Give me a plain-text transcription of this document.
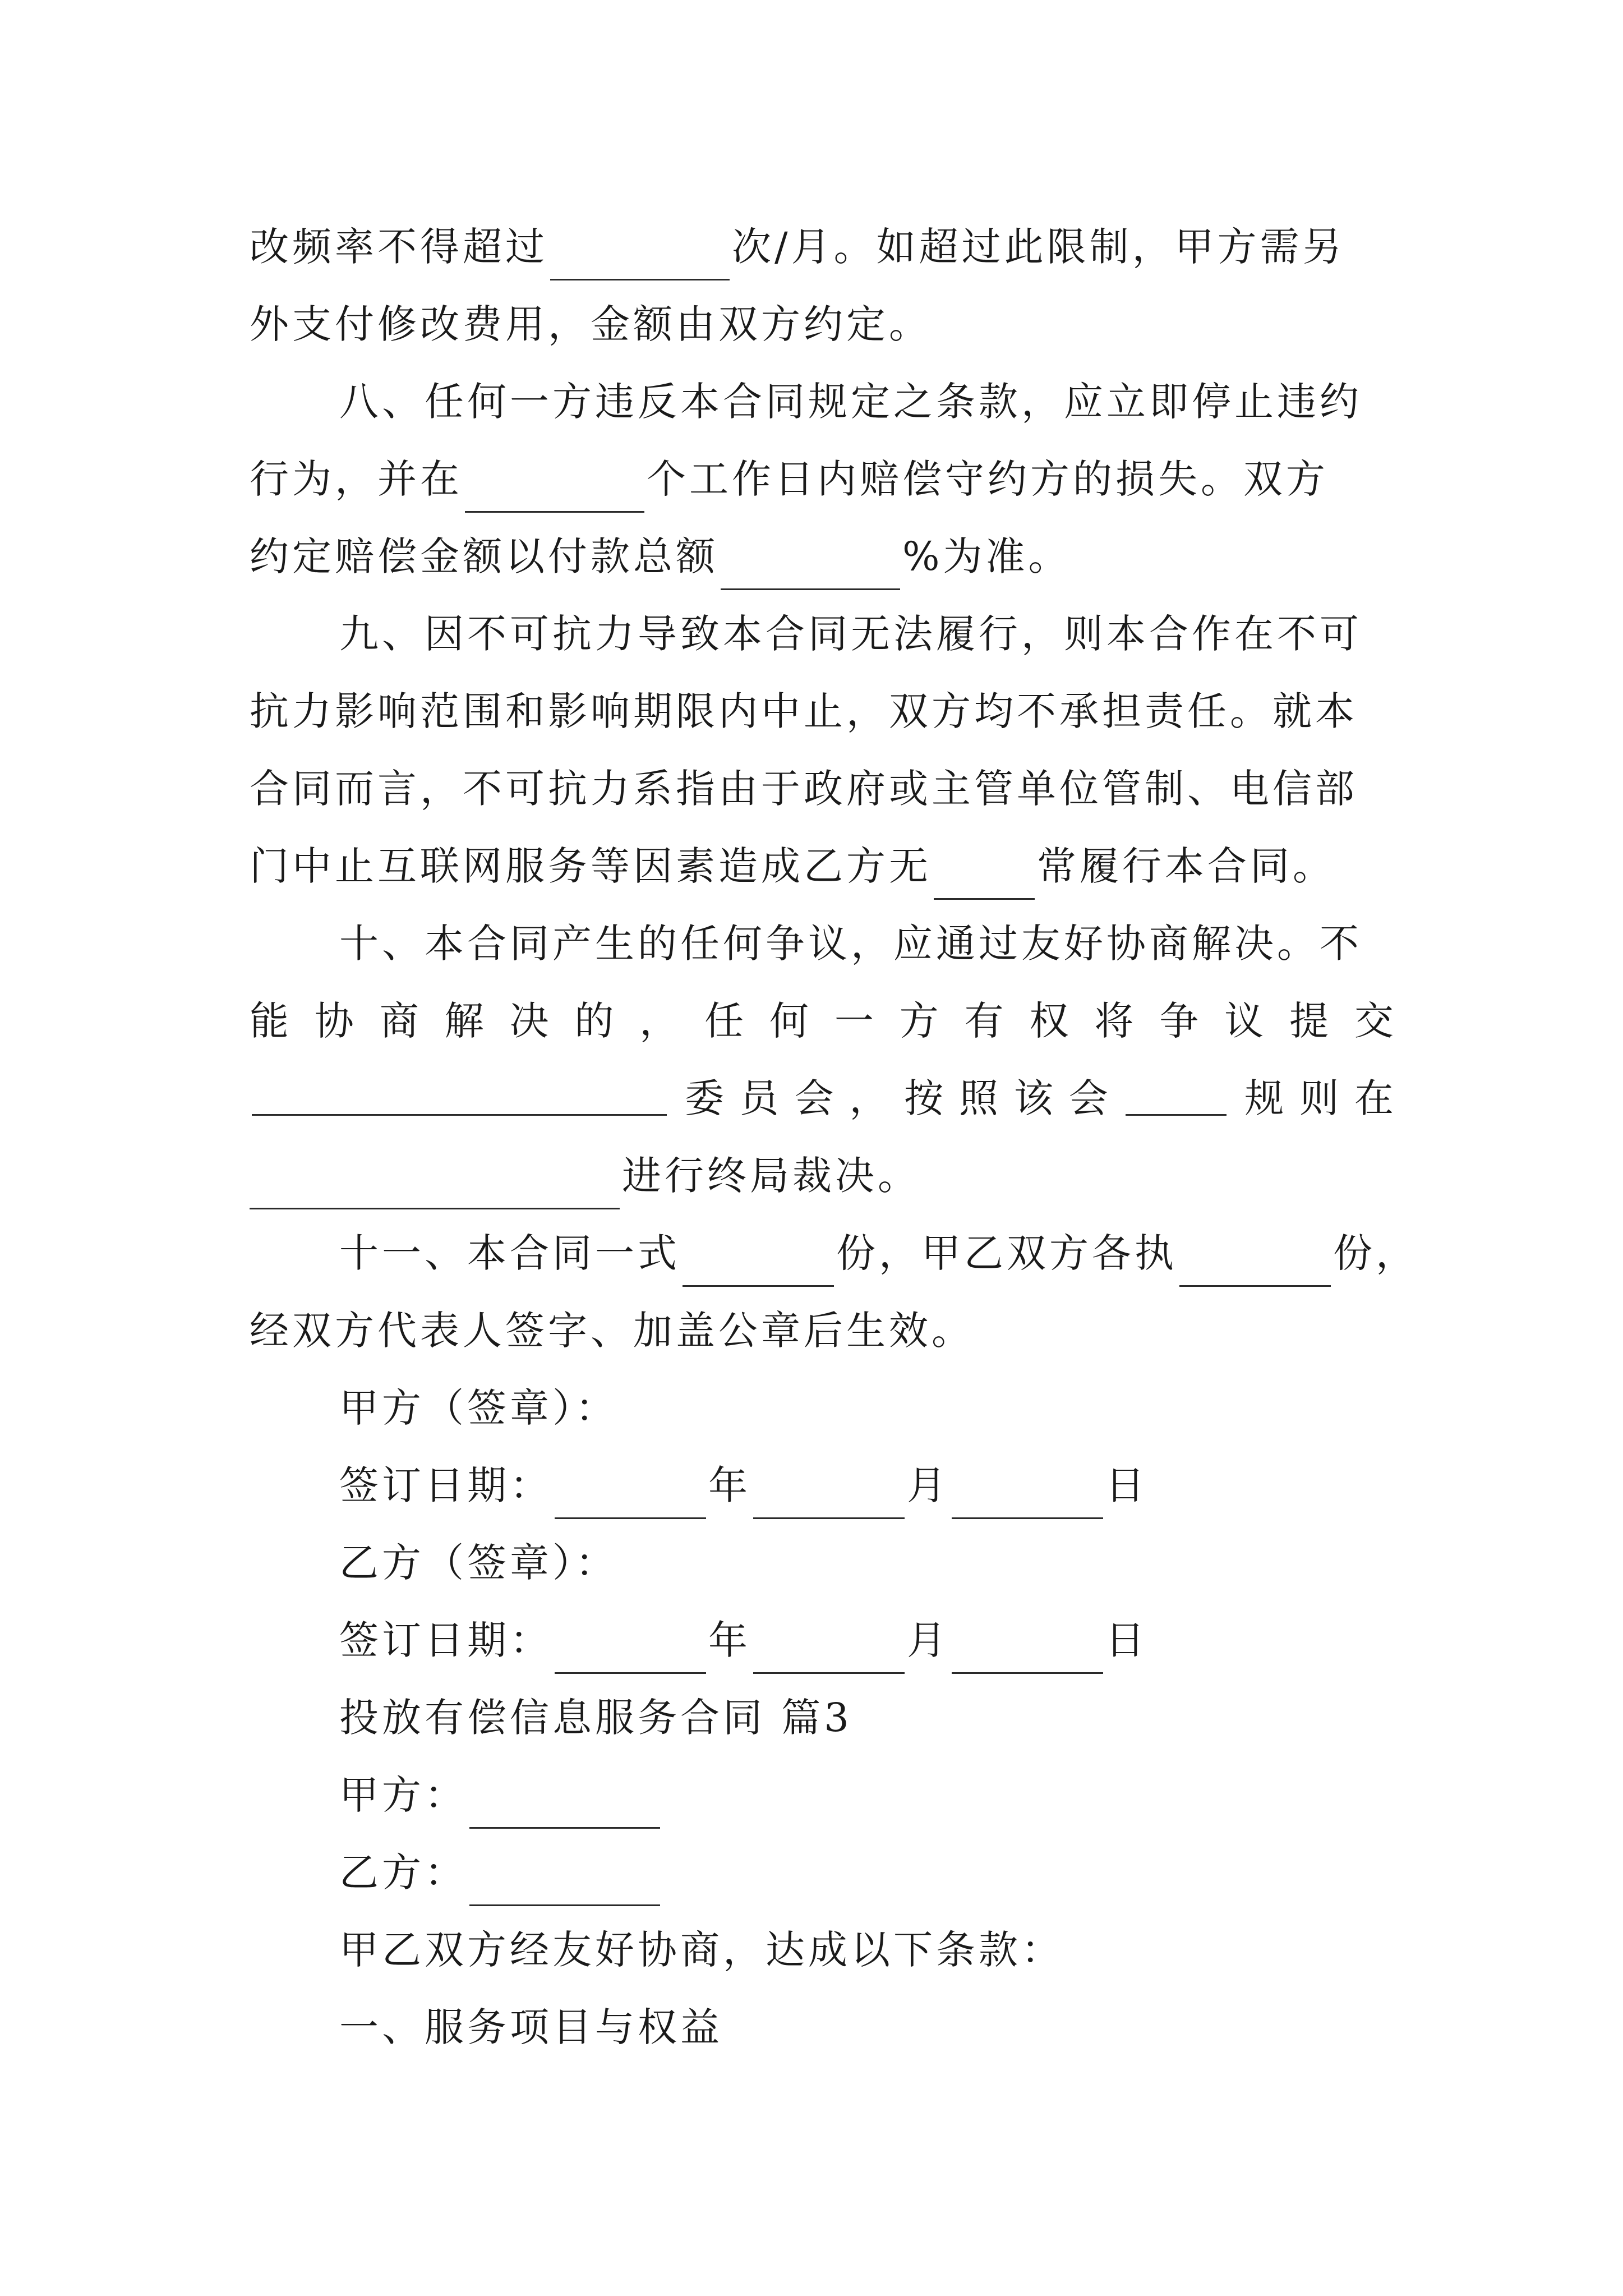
改频率不得超过	次/月。如超过此限制，甲方需另
外支付修改费用，金额由双方约定。
八、任何一方违反本合同规定之条款，应立即停止违约
行为，并在	个工作日内赔偿守约方的损失。双方
约定赔偿金额以付款总额	%为准。
九、因不可抗力导致本合同无法履行，则本合作在不可
抗力影响范围和影响期限内中止，双方均不承担责任。就本
合同而言，不可抗力系指由于政府或主管单位管制、电信部
门中止互联网服务等因素造成乙方无	常履行本合同。
十、本合同产生的任何争议，应通过友好协商解决。不
能 协 商 解 决 的 ， 任 何 一 方 有 权 将 争 议 提 交
委 员 会 ， 按 照 该 会	规 则 在
进行终局裁决。
十一、本合同一式	份，甲乙双方各执	份，
经双方代表人签字、加盖公章后生效。
甲方（签章）：
签订日期：	年	月	日
乙方（签章）：
签订日期：	年	月	日
投放有偿信息服务合同 篇3
甲方：
乙方：
甲乙双方经友好协商，达成以下条款：
一、服务项目与权益
